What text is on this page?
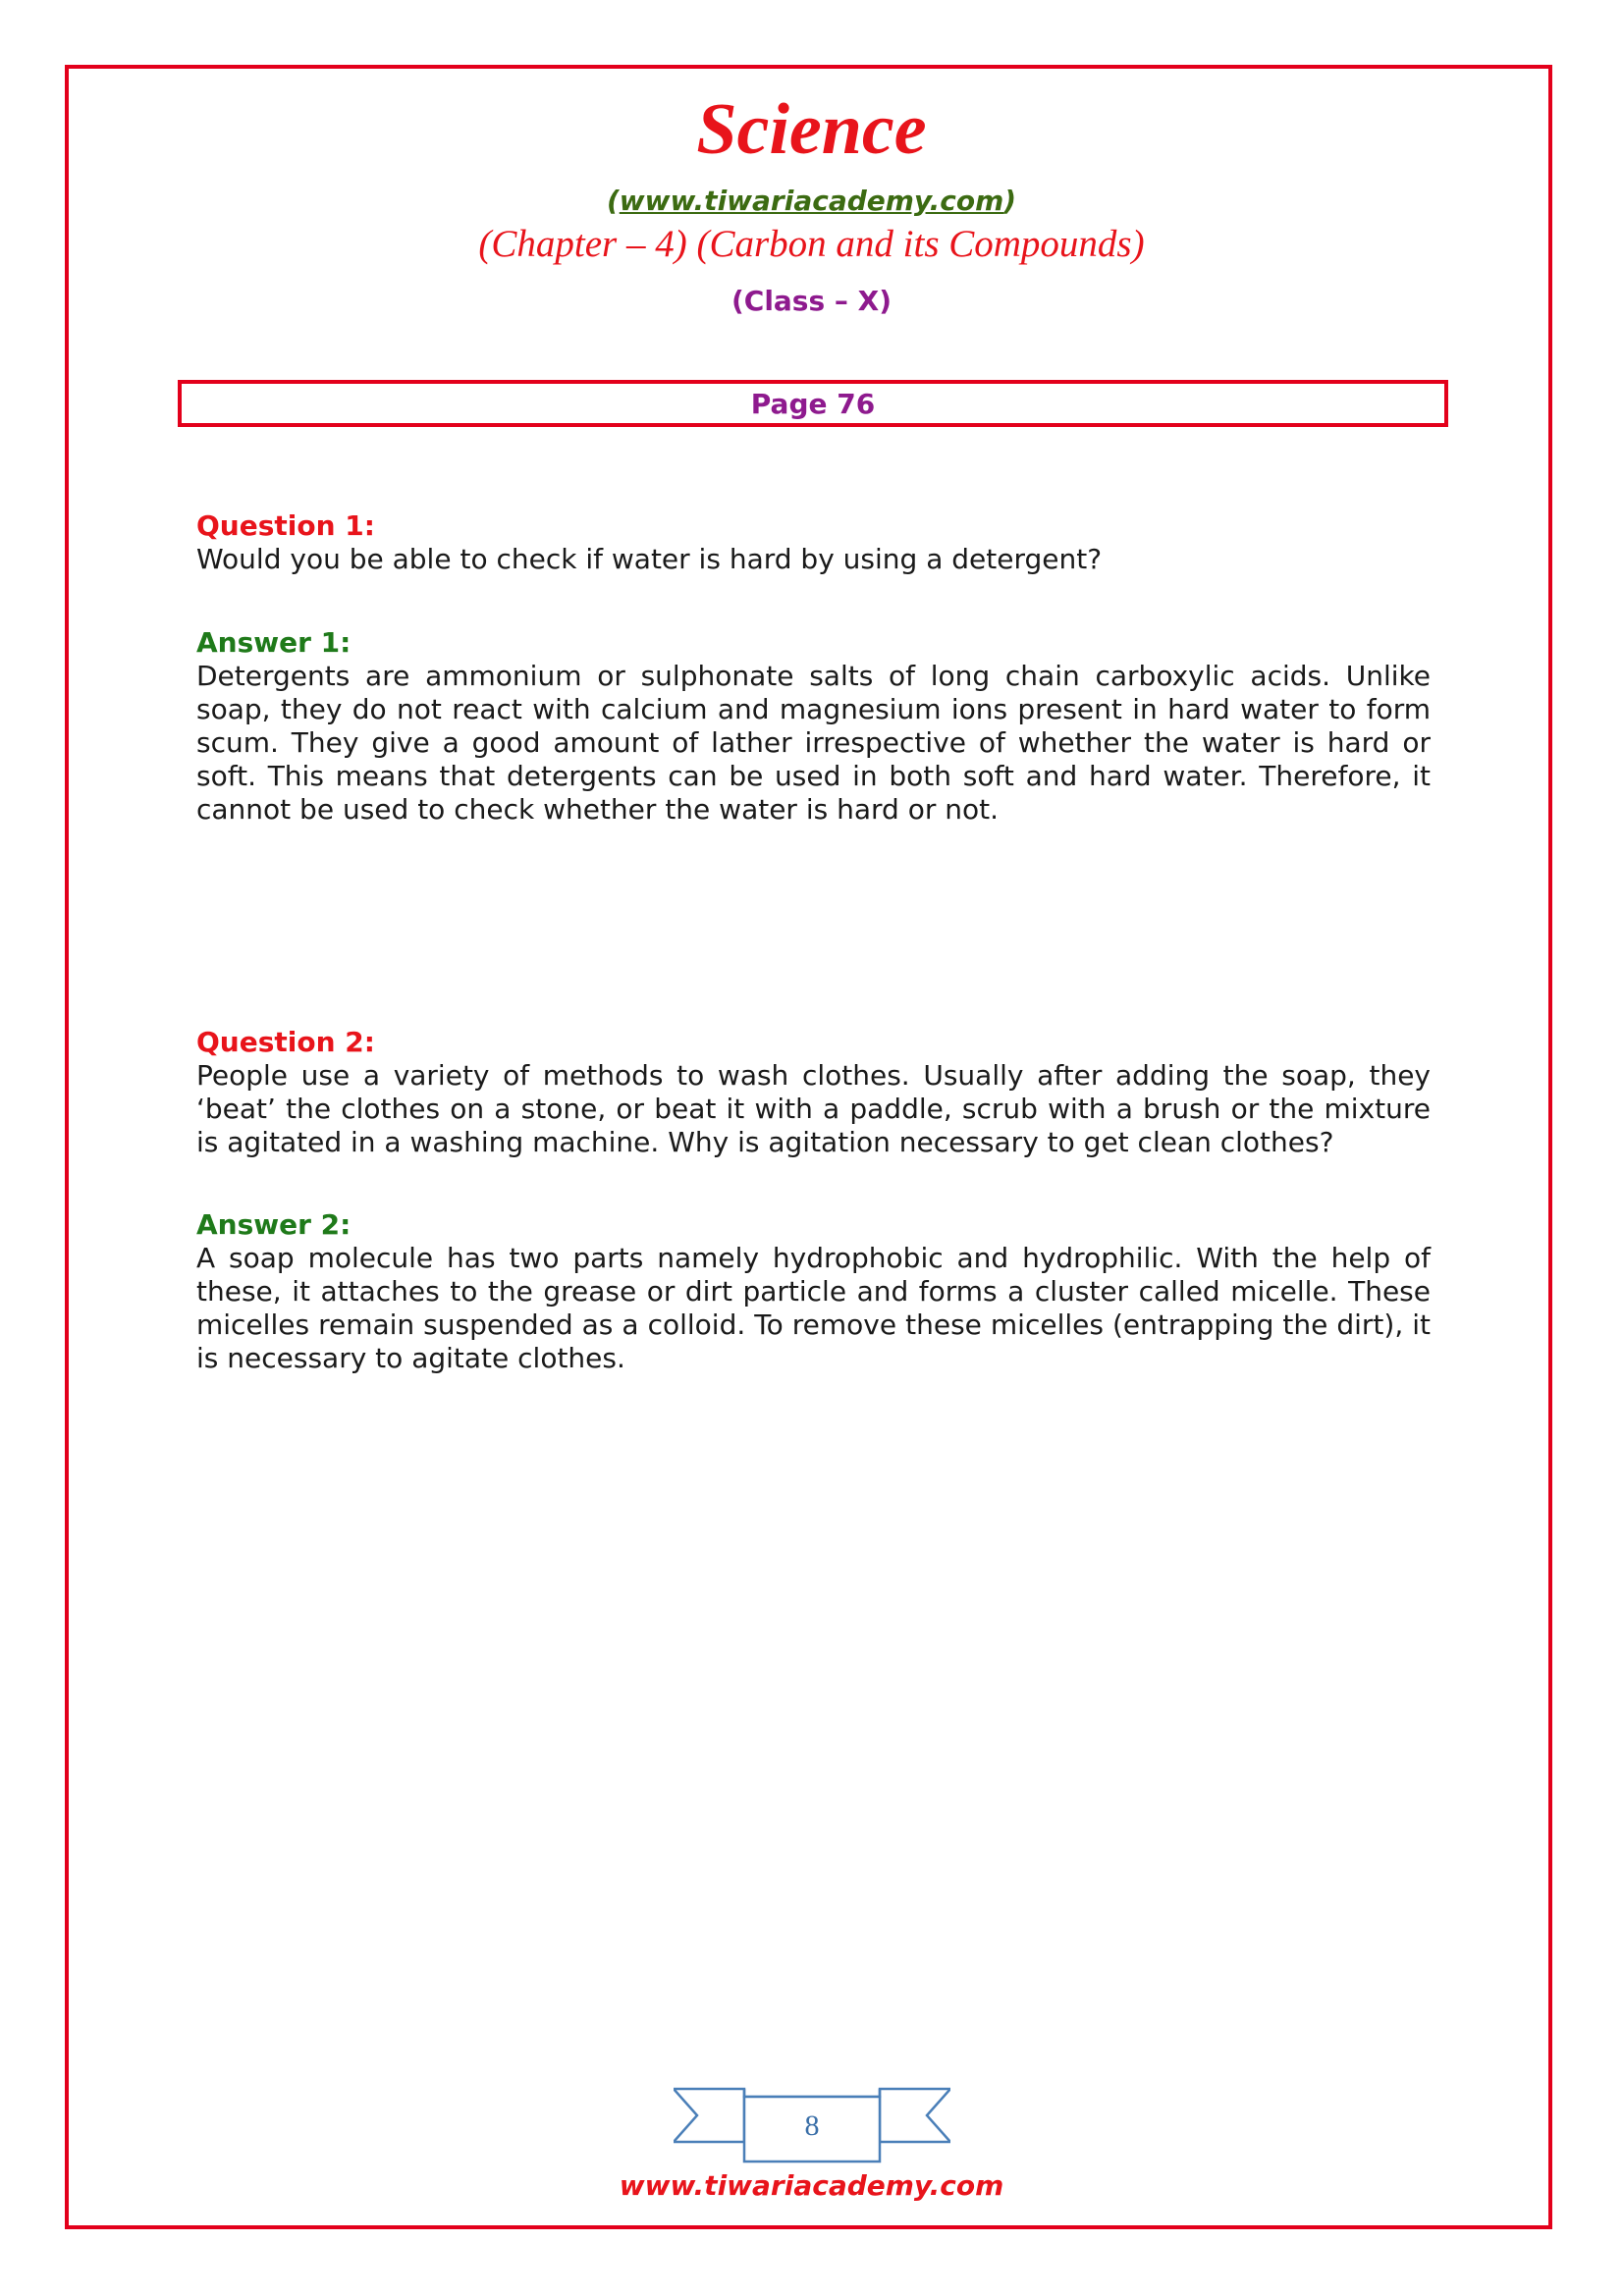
Science
(www.tiwariacademy.com)
(Chapter – 4) (Carbon and its Compounds)
(Class – X)
Page 76
Question 1:

Would you be able to check if water is hard by using a detergent?

Answer 1:

Detergents are ammonium or sulphonate salts of long chain carboxylic acids. Unlike soap, they do not react with calcium and magnesium ions present in hard water to form scum. They give a good amount of lather irrespective of whether the water is hard or soft. This means that detergents can be used in both soft and hard water. Therefore, it cannot be used to check whether the water is hard or not.

Question 2:

People use a variety of methods to wash clothes. Usually after adding the soap, they ‘beat’ the clothes on a stone, or beat it with a paddle, scrub with a brush or the mixture is agitated in a washing machine. Why is agitation necessary to get clean clothes?

Answer 2:

A soap molecule has two parts namely hydrophobic and hydrophilic. With the help of these, it attaches to the grease or dirt particle and forms a cluster called micelle. These micelles remain suspended as a colloid. To remove these micelles (entrapping the dirt), it is necessary to agitate clothes.

8
www.tiwariacademy.com
